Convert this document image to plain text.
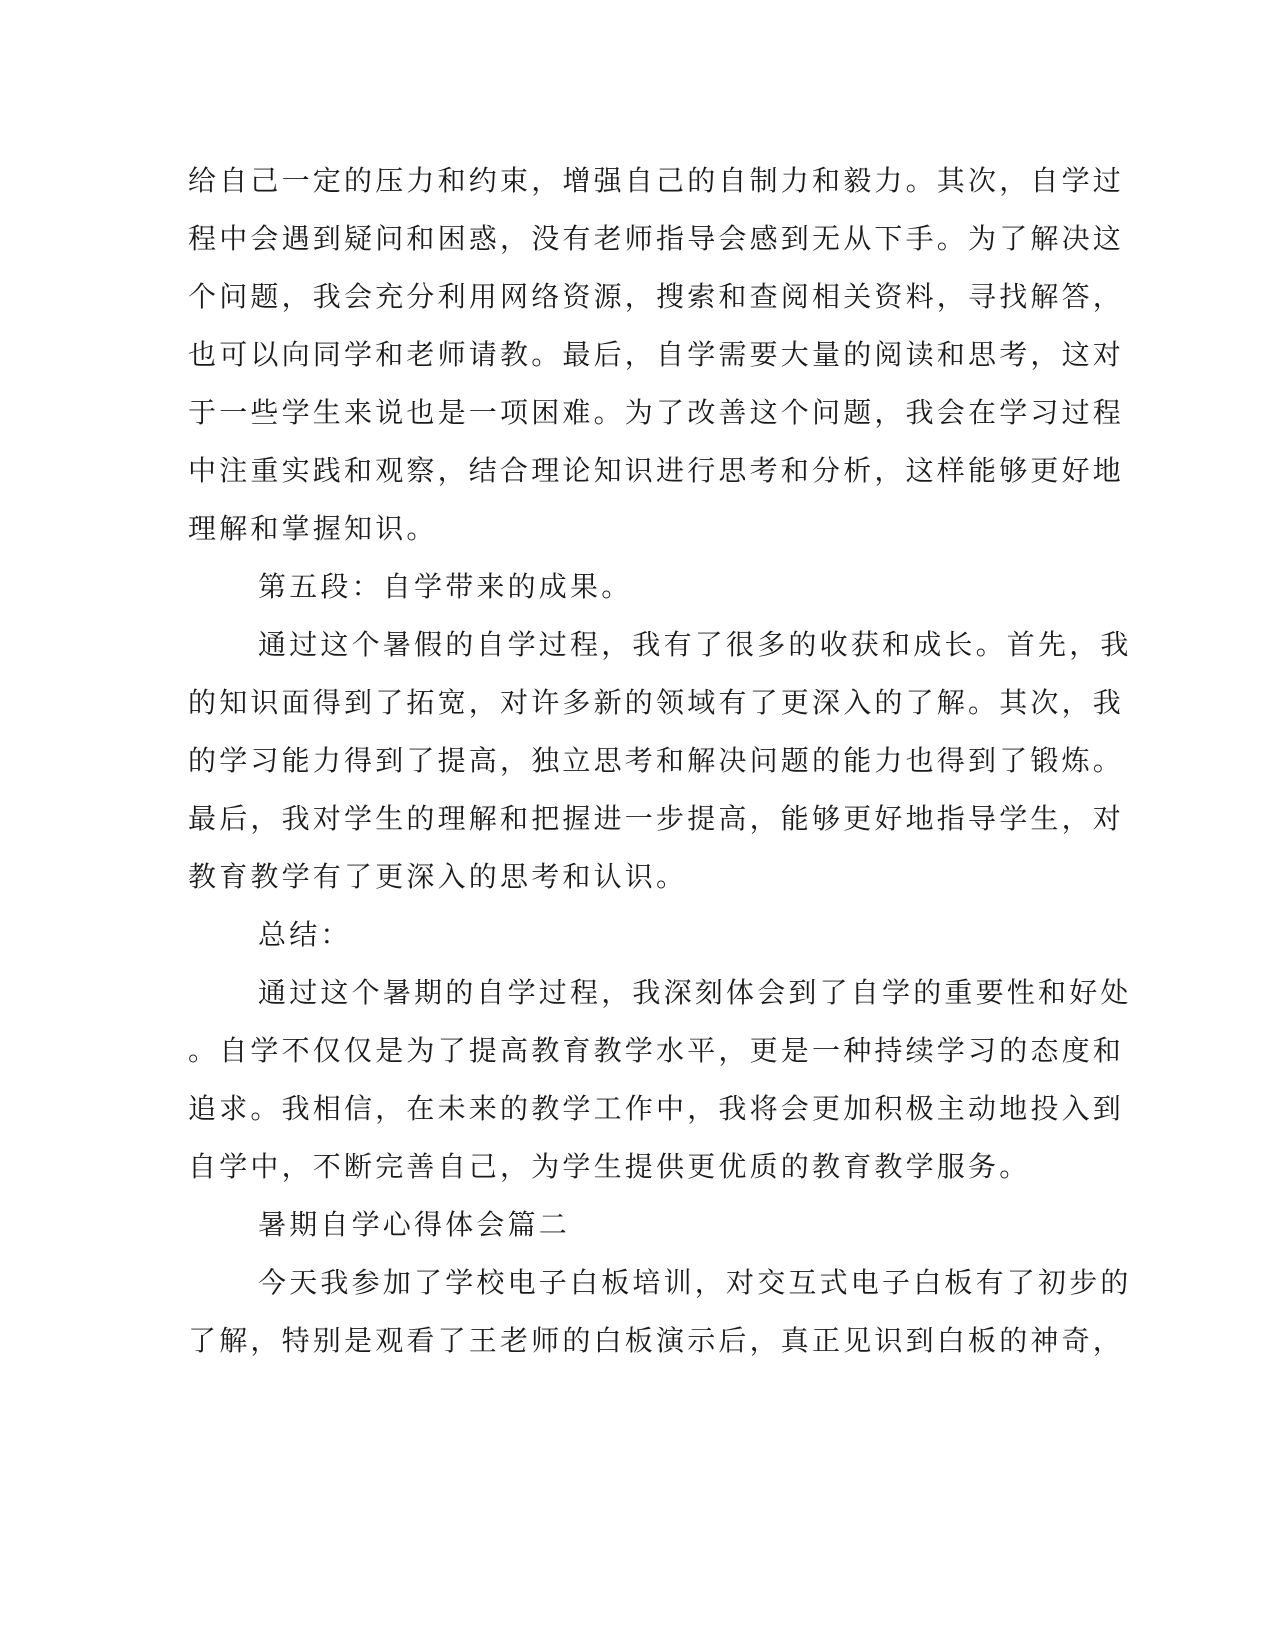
给自己一定的压力和约束，增强自己的自制力和毅力。其次，自学过
程中会遇到疑问和困惑，没有老师指导会感到无从下手。为了解决这
个问题，我会充分利用网络资源，搜索和查阅相关资料，寻找解答，
也可以向同学和老师请教。最后，自学需要大量的阅读和思考，这对
于一些学生来说也是一项困难。为了改善这个问题，我会在学习过程
中注重实践和观察，结合理论知识进行思考和分析，这样能够更好地
理解和掌握知识。
第五段：自学带来的成果。
通过这个暑假的自学过程，我有了很多的收获和成长。首先，我
的知识面得到了拓宽，对许多新的领域有了更深入的了解。其次，我
的学习能力得到了提高，独立思考和解决问题的能力也得到了锻炼。
最后，我对学生的理解和把握进一步提高，能够更好地指导学生，对
教育教学有了更深入的思考和认识。
总结：
通过这个暑期的自学过程，我深刻体会到了自学的重要性和好处
。自学不仅仅是为了提高教育教学水平，更是一种持续学习的态度和
追求。我相信，在未来的教学工作中，我将会更加积极主动地投入到
自学中，不断完善自己，为学生提供更优质的教育教学服务。
暑期自学心得体会篇二
今天我参加了学校电子白板培训，对交互式电子白板有了初步的
了解，特别是观看了王老师的白板演示后，真正见识到白板的神奇，
